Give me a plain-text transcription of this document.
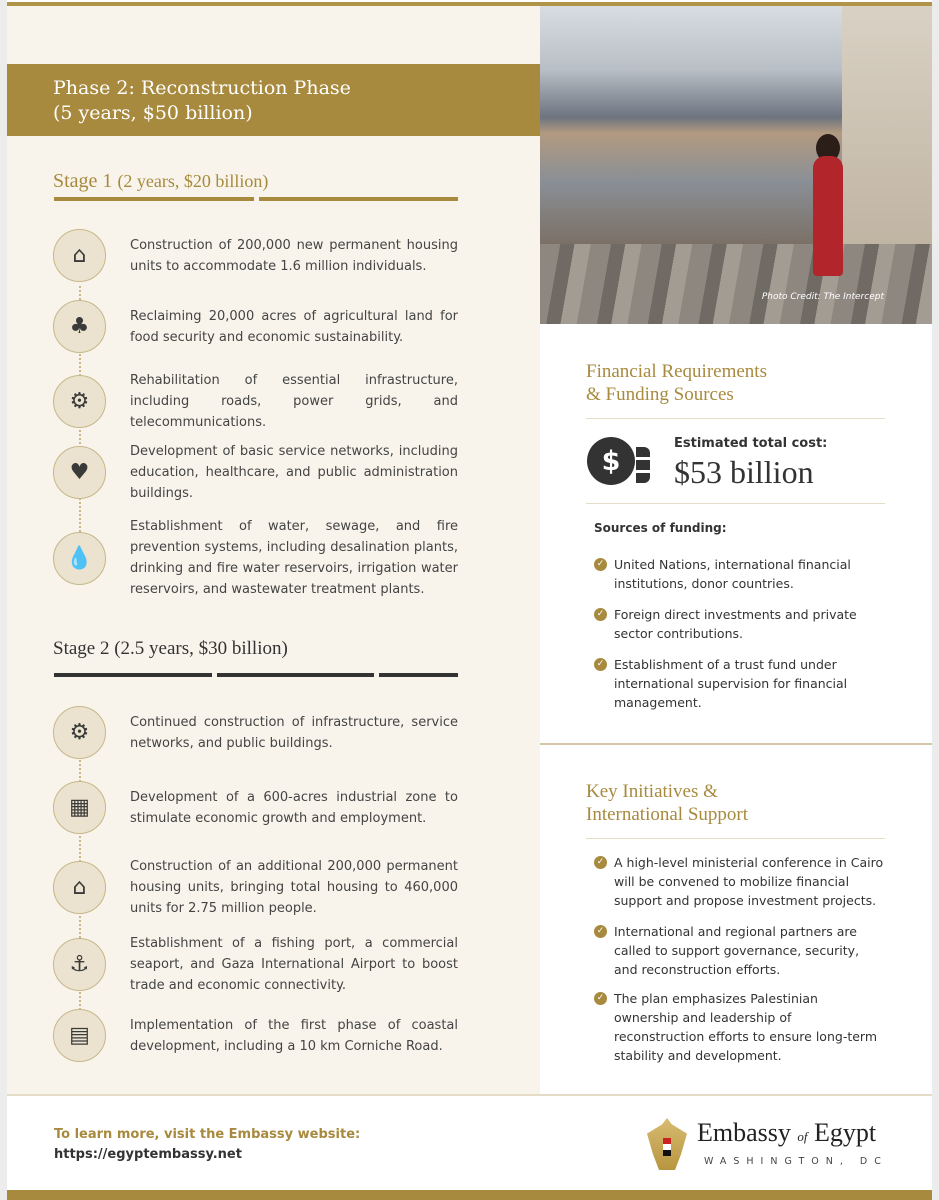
Phase 2: Reconstruction Phase
(5 years, $50 billion)
Stage 1 (2 years, $20 billion)
⌂	Construction of 200,000 new permanent housing units to accommodate 1.6 million individuals.
♣	Reclaiming 20,000 acres of agricultural land for food security and economic sustainability.
⚙
Rehabilitation of essential infrastructure, including roads, power grids, and telecommunications.
♥
Development of basic service networks, including education, healthcare, and public administration buildings.
💧
Establishment of water, sewage, and fire prevention systems, including desalination plants, drinking and fire water reservoirs, irrigation water reservoirs, and wastewater treatment plants.
Stage 2 (2.5 years, $30 billion)
⚙	Continued construction of infrastructure, service networks, and public buildings.
▦	Development of a 600-acres industrial zone to stimulate economic growth and employment.
⌂
Construction of an additional 200,000 permanent housing units, bringing total housing to 460,000 units for 2.75 million people.
⚓
Establishment of a fishing port, a commercial seaport, and Gaza International Airport to boost trade and economic connectivity.
▤	Implementation of the first phase of coastal development, including a 10 km Corniche Road.
Photo Credit: The Intercept
Financial Requirements
& Funding Sources
$
Estimated total cost:
$53 billion
Sources of funding:
✓ United Nations, international financial institutions, donor countries.
✓ Foreign direct investments and private sector contributions.
✓ Establishment of a trust fund under international supervision for financial management.
Key Initiatives &
International Support
✓ A high-level ministerial conference in Cairo will be convened to mobilize financial support and propose investment projects.
✓ International and regional partners are called to support governance, security, and reconstruction efforts.
✓ The plan emphasizes Palestinian ownership and leadership of reconstruction efforts to ensure long-term stability and development.
To learn more, visit the Embassy website:
https://egyptembassy.net
Embassy of Egypt
WASHINGTON, DC
